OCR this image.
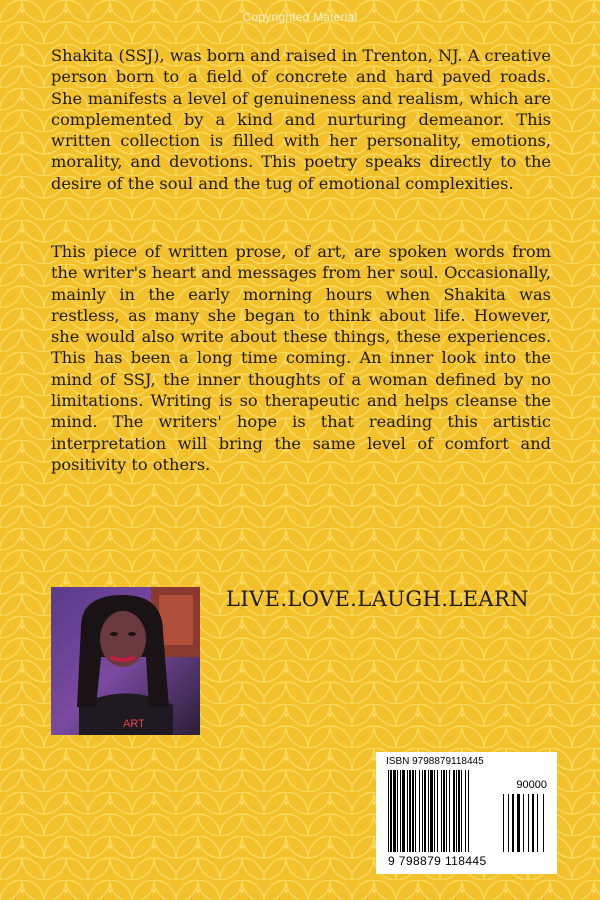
Copyrighted Material

Shakita (SSJ), was born and raised in Trenton, NJ. A creative person born to a field of concrete and hard paved roads. She manifests a level of genuineness and realism, which are complemented by a kind and nurturing demeanor. This written collection is filled with her personality, emotions, morality, and devotions. This poetry speaks directly to the desire of the soul and the tug of emotional complexities.

This piece of written prose, of art, are spoken words from the writer's heart and messages from her soul. Occasionally, mainly in the early morning hours when Shakita was restless, as many she began to think about life. However, she would also write about these things, these experiences. This has been a long time coming. An inner look into the mind of SSJ, the inner thoughts of a woman defined by no limitations. Writing is so therapeutic and helps cleanse the mind. The writers' hope is that reading this artistic interpretation will bring the same level of comfort and positivity to others.

ART
LIVE.LOVE.LAUGH.LEARN
ISBN 9798879118445
90000
9 798879 118445
